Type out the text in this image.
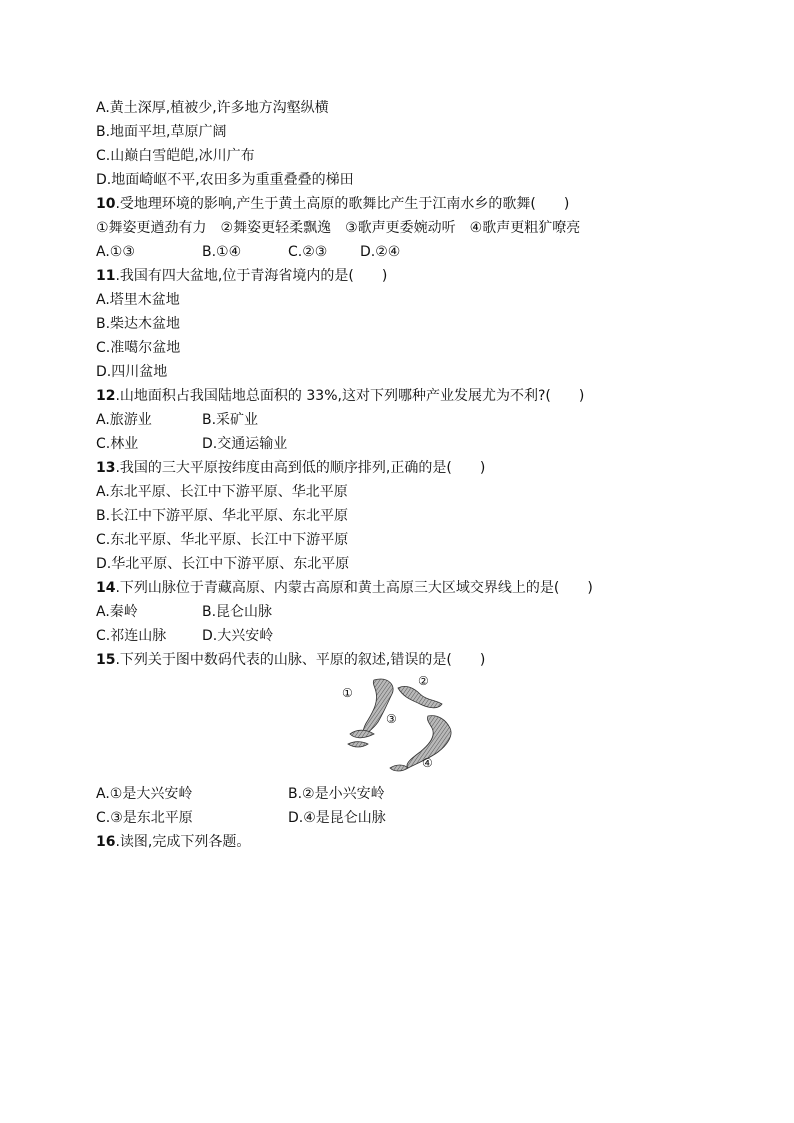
A.黄土深厚,植被少,许多地方沟壑纵横
B.地面平坦,草原广阔
C.山巅白雪皑皑,冰川广布
D.地面崎岖不平,农田多为重重叠叠的梯田
10.受地理环境的影响,产生于黄土高原的歌舞比产生于江南水乡的歌舞(　　)
①舞姿更遒劲有力　②舞姿更轻柔飘逸　③歌声更委婉动听　④歌声更粗犷嘹亮
A.①③	B.①④	C.②③ D.②④
11.我国有四大盆地,位于青海省境内的是(　　)
A.塔里木盆地
B.柴达木盆地
C.准噶尔盆地
D.四川盆地
12.山地面积占我国陆地总面积的 33%,这对下列哪种产业发展尤为不利?(　　)
A.旅游业	B.采矿业
C.林业	D.交通运输业
13.我国的三大平原按纬度由高到低的顺序排列,正确的是(　　)
A.东北平原、长江中下游平原、华北平原
B.长江中下游平原、华北平原、东北平原
C.东北平原、华北平原、长江中下游平原
D.华北平原、长江中下游平原、东北平原
14.下列山脉位于青藏高原、内蒙古高原和黄土高原三大区域交界线上的是(　　)
A.秦岭	B.昆仑山脉
C.祁连山脉	D.大兴安岭
15.下列关于图中数码代表的山脉、平原的叙述,错误的是(　　)
①
②
③
④
A.①是大兴安岭	B.②是小兴安岭
C.③是东北平原	D.④是昆仑山脉
16.读图,完成下列各题。
